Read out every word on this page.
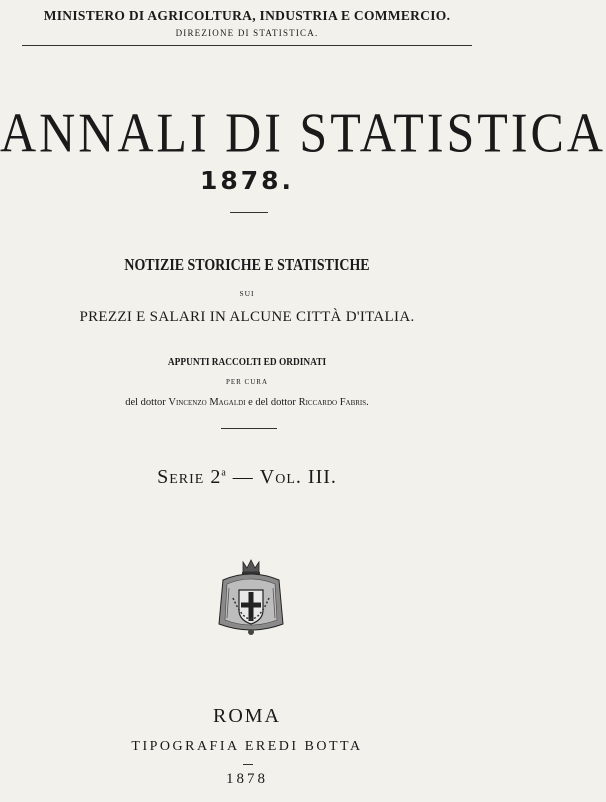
MINISTERO DI AGRICOLTURA, INDUSTRIA E COMMERCIO.
DIREZIONE DI STATISTICA.
ANNALI DI STATISTICA
1878.
NOTIZIE STORICHE E STATISTICHE
SUI
PREZZI E SALARI IN ALCUNE CITTÀ D'ITALIA.
APPUNTI RACCOLTI ED ORDINATI
PER CURA
del dottor Vincenzo Magaldi e del dottor Riccardo Fabris.
Serie 2$^a$ — Vol. III.
ROMA
TIPOGRAFIA EREDI BOTTA
1878
